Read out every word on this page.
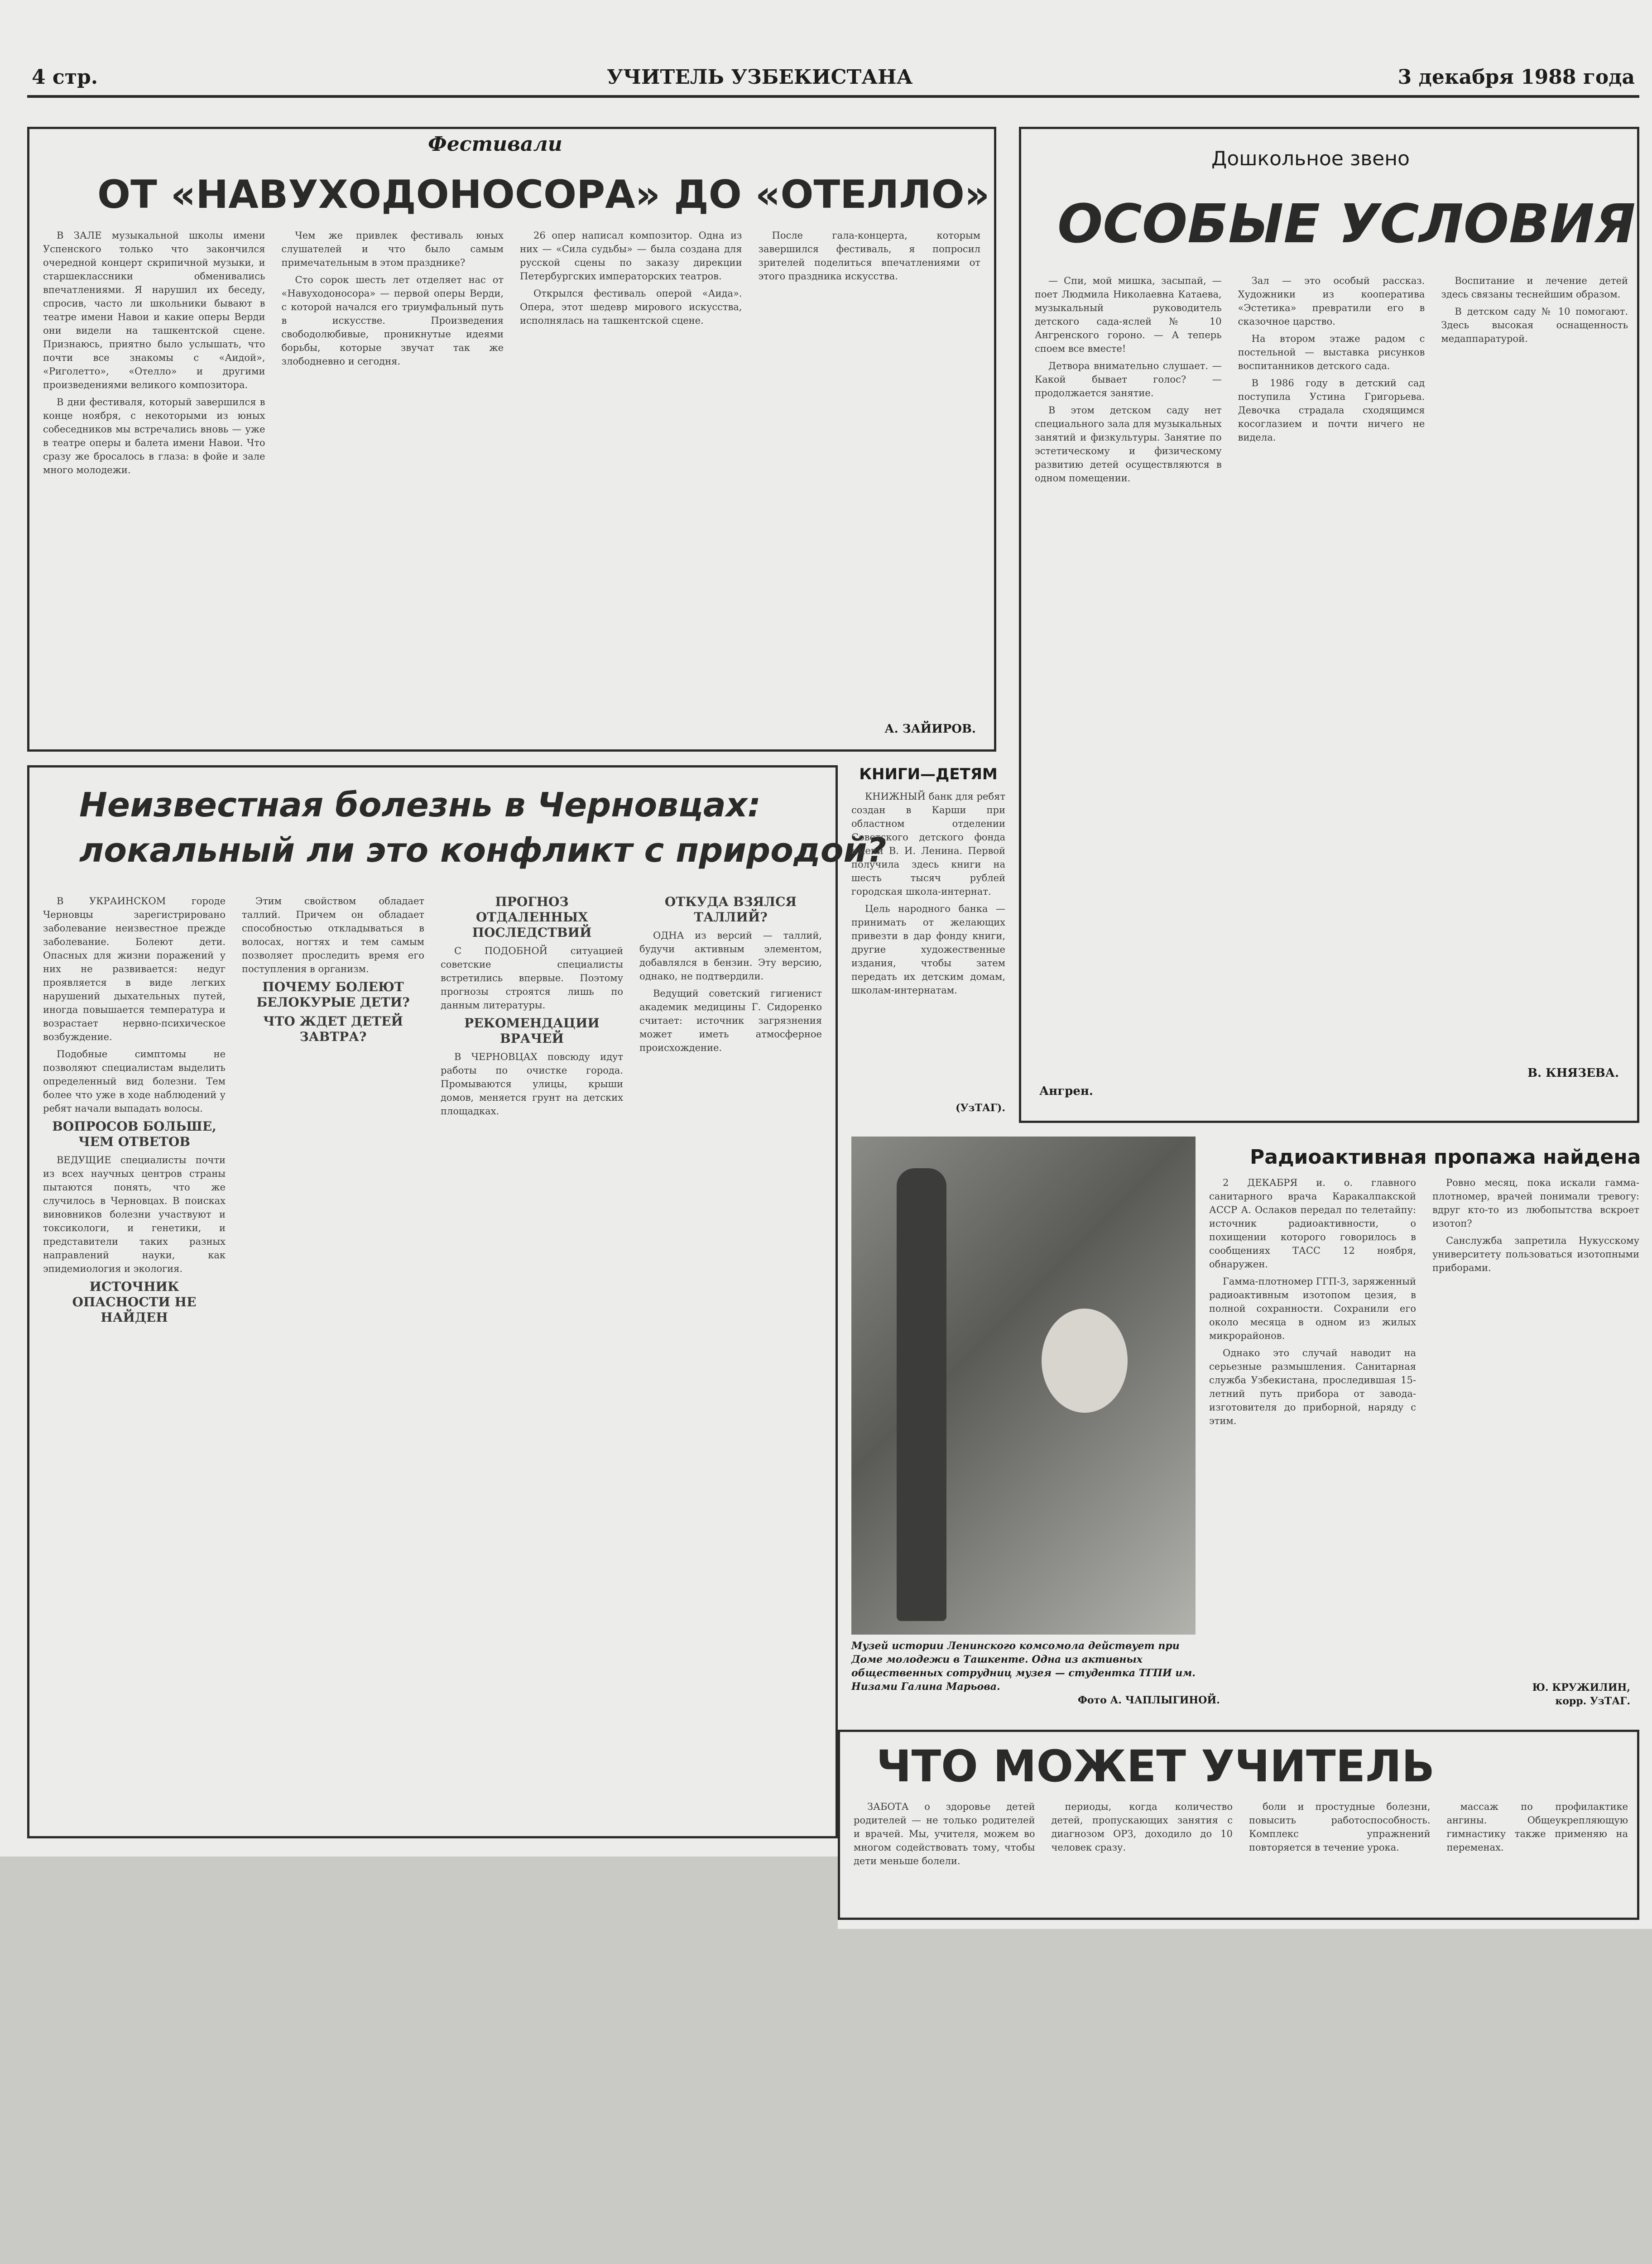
4 стр.	УЧИТЕЛЬ УЗБЕКИСТАНА	3 декабря 1988 года
Фестивали
ОТ «НАВУХОДОНОСОРА» ДО «ОТЕЛЛО»

В ЗАЛЕ музыкальной школы имени Успенского только что закончился очередной концерт скрипичной музыки, и старшеклассники обменивались впечатлениями. Я нарушил их беседу, спросив, часто ли школьники бывают в театре имени Навои и какие оперы Верди они видели на ташкентской сцене. Признаюсь, приятно было услышать, что почти все знакомы с «Аидой», «Риголетто», «Отелло» и другими произведениями великого композитора.

В дни фестиваля, который завершился в конце ноября, с некоторыми из юных собеседников мы встречались вновь — уже в театре оперы и балета имени Навои. Что сразу же бросалось в глаза: в фойе и зале много молодежи.

Чем же привлек фестиваль юных слушателей и что было самым примечательным в этом празднике?

Сто сорок шесть лет отделяет нас от «Навуходоносора» — первой оперы Верди, с которой начался его триумфальный путь в искусстве. Произведения свободолюбивые, проникнутые идеями борьбы, которые звучат так же злободневно и сегодня.

26 опер написал композитор. Одна из них — «Сила судьбы» — была создана для русской сцены по заказу дирекции Петербургских императорских театров.

Открылся фестиваль оперой «Аида». Опера, этот шедевр мирового искусства, исполнялась на ташкентской сцене.

После гала-концерта, которым завершился фестиваль, я попросил зрителей поделиться впечатлениями от этого праздника искусства.

А. ЗАЙИРОВ.
Дошкольное звено
ОСОБЫЕ УСЛОВИЯ

— Спи, мой мишка, засыпай, — поет Людмила Николаевна Катаева, музыкальный руководитель детского сада-яслей № 10 Ангренского гороно. — А теперь споем все вместе!

Детвора внимательно слушает. — Какой бывает голос? — продолжается занятие.

В этом детском саду нет специального зала для музыкальных занятий и физкультуры. Занятие по эстетическому и физическому развитию детей осуществляются в одном помещении.

Зал — это особый рассказ. Художники из кооператива «Эстетика» превратили его в сказочное царство.

На втором этаже радом с постельной — выставка рисунков воспитанников детского сада.

В 1986 году в детский сад поступила Устина Григорьева. Девочка страдала сходящимся косоглазием и почти ничего не видела.

Воспитание и лечение детей здесь связаны теснейшим образом.

В детском саду № 10 помогают. Здесь высокая оснащенность медаппаратурой.

Ангрен.
В. КНЯЗЕВА.
Неизвестная болезнь в Черновцах:
локальный ли это конфликт с природой?

В УКРАИНСКОМ городе Черновцы зарегистрировано заболевание неизвестное прежде заболевание. Болеют дети. Опасных для жизни поражений у них не развивается: недуг проявляется в виде легких нарушений дыхательных путей, иногда повышается температура и возрастает нервно-психическое возбуждение.

Подобные симптомы не позволяют специалистам выделить определенный вид болезни. Тем более что уже в ходе наблюдений у ребят начали выпадать волосы.

ВОПРОСОВ БОЛЬШЕ, ЧЕМ ОТВЕТОВ

ВЕДУЩИЕ специалисты почти из всех научных центров страны пытаются понять, что же случилось в Черновцах. В поисках виновников болезни участвуют и токсикологи, и генетики, и представители таких разных направлений науки, как эпидемиология и экология.

ИСТОЧНИК ОПАСНОСТИ НЕ НАЙДЕН

Этим свойством обладает таллий. Причем он обладает способностью откладываться в волосах, ногтях и тем самым позволяет проследить время его поступления в организм.

ПОЧЕМУ БОЛЕЮТ БЕЛОКУРЫЕ ДЕТИ?

ЧТО ЖДЕТ ДЕТЕЙ ЗАВТРА?

ПРОГНОЗ ОТДАЛЕННЫХ ПОСЛЕДСТВИЙ

С ПОДОБНОЙ ситуацией советские специалисты встретились впервые. Поэтому прогнозы строятся лишь по данным литературы.

РЕКОМЕНДАЦИИ ВРАЧЕЙ

В ЧЕРНОВЦАХ повсюду идут работы по очистке города. Промываются улицы, крыши домов, меняется грунт на детских площадках.

ОТКУДА ВЗЯЛСЯ ТАЛЛИЙ?

ОДНА из версий — таллий, будучи активным элементом, добавлялся в бензин. Эту версию, однако, не подтвердили.

Ведущий советский гигиенист академик медицины Г. Сидоренко считает: источник загрязнения может иметь атмосферное происхождение.

КНИГИ—ДЕТЯМ

КНИЖНЫЙ банк для ребят создан в Карши при областном отделении Советского детского фонда имени В. И. Ленина. Первой получила здесь книги на шесть тысяч рублей городская школа-интернат.

Цель народного банка — принимать от желающих привезти в дар фонду книги, другие художественные издания, чтобы затем передать их детским домам, школам-интернатам.

(УзТАГ).
Музей истории Ленинского комсомола действует при Доме молодежи в Ташкенте. Одна из активных общественных сотрудниц музея — студентка ТГПИ им. Низами Галина Марьова.
Фото А. ЧАПЛЫГИНОЙ.
Радиоактивная пропажа найдена

2 ДЕКАБРЯ и. о. главного санитарного врача Каракалпакской АССР А. Ослаков передал по телетайпу: источник радиоактивности, о похищении которого говорилось в сообщениях ТАСС 12 ноября, обнаружен.

Гамма-плотномер ГГП-3, заряженный радиоактивным изотопом цезия, в полной сохранности. Сохранили его около месяца в одном из жилых микрорайонов.

Однако это случай наводит на серьезные размышления. Санитарная служба Узбекистана, проследившая 15-летний путь прибора от завода-изготовителя до приборной, наряду с этим.

Ровно месяц, пока искали гамма-плотномер, врачей понимали тревогу: вдруг кто-то из любопытства вскроет изотоп?

Санслужба запретила Нукусскому университету пользоваться изотопными приборами.

Ю. КРУЖИЛИН,
корр. УзТАГ.
ЧТО МОЖЕТ УЧИТЕЛЬ

ЗАБОТА о здоровье детей родителей — не только родителей и врачей. Мы, учителя, можем во многом содействовать тому, чтобы дети меньше болели.

периоды, когда количество детей, пропускающих занятия с диагнозом ОРЗ, доходило до 10 человек сразу.

боли и простудные болезни, повысить работоспособность. Комплекс упражнений повторяется в течение урока.

массаж по профилактике ангины. Общеукрепляющую гимнастику также применяю на переменах.
